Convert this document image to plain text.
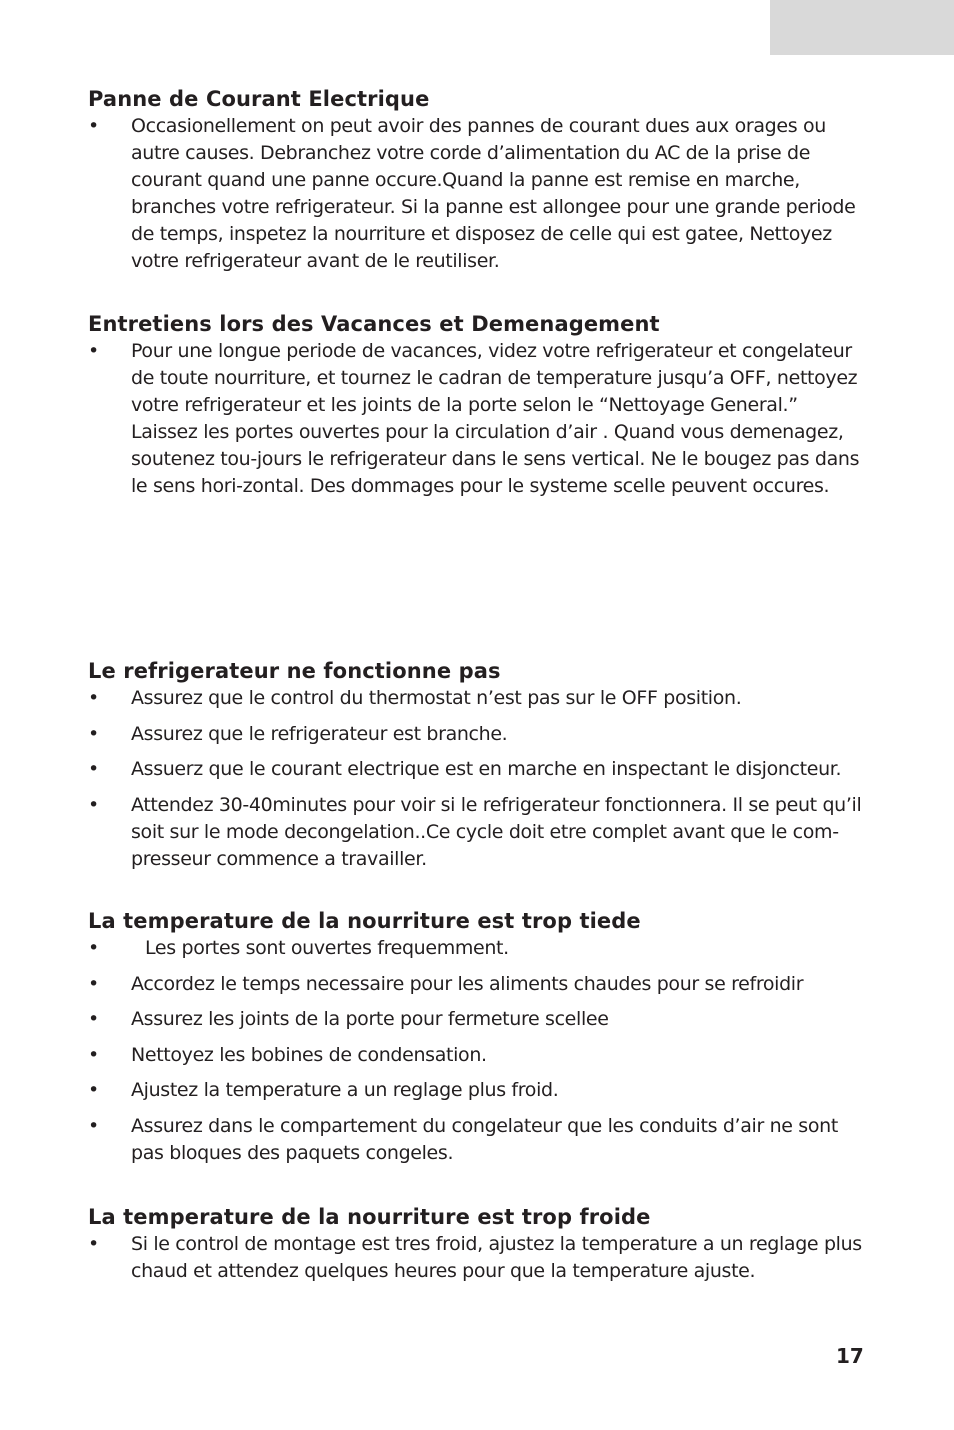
Panne de Courant Electrique
• Occasionellement on peut avoir des pannes de courant dues aux orages ou autre causes. Debranchez votre corde d’alimentation du AC de la prise de courant quand une panne occure.Quand la panne est remise en marche, branches votre refrigerateur. Si la panne est allongee pour une grande periode de temps, inspetez la nourriture et disposez de celle qui est gatee, Nettoyez votre refrigerateur avant de le reutiliser.
Entretiens lors des Vacances et Demenagement
• Pour une longue periode de vacances, videz votre refrigerateur et congelateur de toute nourriture, et tournez le cadran de temperature jusqu’a OFF, nettoyez votre refrigerateur et les joints de la porte selon le “Nettoyage General.” Laissez les portes ouvertes pour la circulation d’air . Quand vous demenagez, soutenez tou-jours le refrigerateur dans le sens vertical. Ne le bougez pas dans le sens hori-zontal. Des dommages pour le systeme scelle peuvent occures.
Le refrigerateur ne fonctionne pas
• Assurez que le control du thermostat n’est pas sur le OFF position.
• Assurez que le refrigerateur est branche.
• Assuerz que le courant electrique est en marche en inspectant le disjoncteur.
• Attendez 30-40minutes pour voir si le refrigerateur fonctionnera. Il se peut qu’il soit sur le mode decongelation..Ce cycle doit etre complet avant que le com-presseur commence a travailler.
La temperature de la nourriture est trop tiede
• Les portes sont ouvertes frequemment.
• Accordez le temps necessaire pour les aliments chaudes pour se refroidir
• Assurez les joints de la porte pour fermeture scellee
• Nettoyez les bobines de condensation.
• Ajustez la temperature a un reglage plus froid.
• Assurez dans le compartement du congelateur que les conduits d’air ne sont pas bloques des paquets congeles.
La temperature de la nourriture est trop froide
• Si le control de montage est tres froid, ajustez la temperature a un reglage plus chaud et attendez quelques heures pour que la temperature ajuste.
17
